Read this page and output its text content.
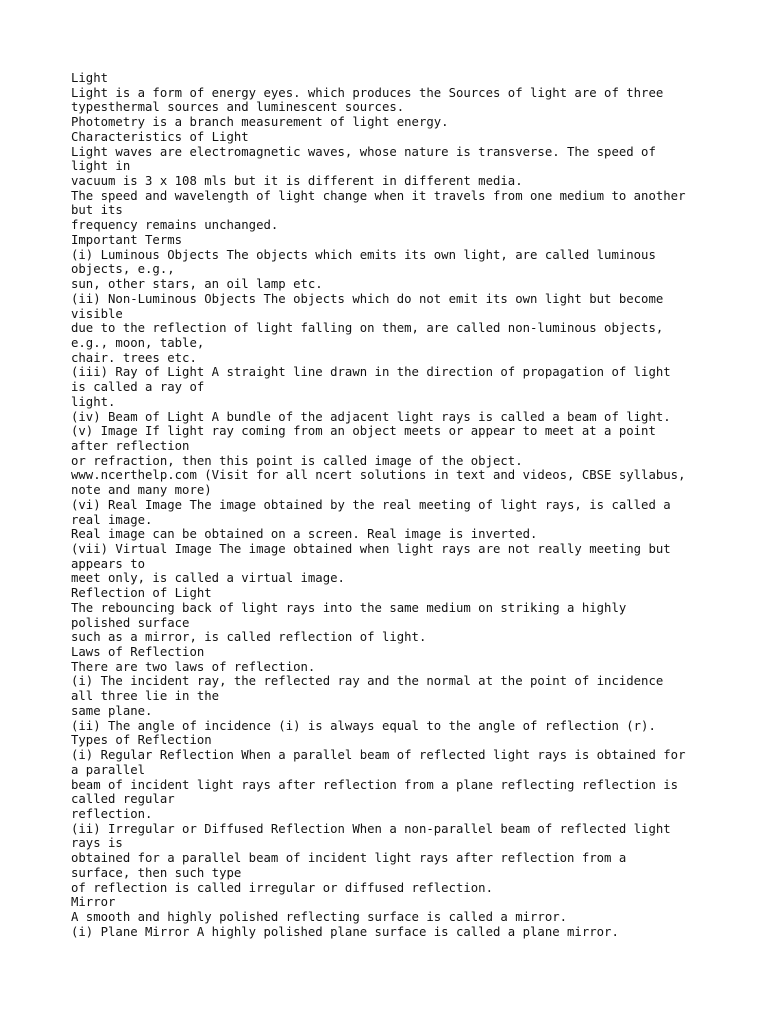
Light
Light is a form of energy eyes. which produces the Sources of light are of three
typesthermal sources and luminescent sources.
Photometry is a branch measurement of light energy.
Characteristics of Light
Light waves are electromagnetic waves, whose nature is transverse. The speed of
light in
vacuum is 3 x 108 mls but it is different in different media.
The speed and wavelength of light change when it travels from one medium to another
but its
frequency remains unchanged.
Important Terms
(i) Luminous Objects The objects which emits its own light, are called luminous
objects, e.g.,
sun, other stars, an oil lamp etc.
(ii) Non-Luminous Objects The objects which do not emit its own light but become
visible
due to the reflection of light falling on them, are called non-luminous objects,
e.g., moon, table,
chair. trees etc.
(iii) Ray of Light A straight line drawn in the direction of propagation of light
is called a ray of
light.
(iv) Beam of Light A bundle of the adjacent light rays is called a beam of light.
(v) Image If light ray coming from an object meets or appear to meet at a point
after reflection
or refraction, then this point is called image of the object.
www.ncerthelp.com (Visit for all ncert solutions in text and videos, CBSE syllabus,
note and many more)
(vi) Real Image The image obtained by the real meeting of light rays, is called a
real image.
Real image can be obtained on a screen. Real image is inverted.
(vii) Virtual Image The image obtained when light rays are not really meeting but
appears to
meet only, is called a virtual image.
Reflection of Light
The rebouncing back of light rays into the same medium on striking a highly
polished surface
such as a mirror, is called reflection of light.
Laws of Reflection
There are two laws of reflection.
(i) The incident ray, the reflected ray and the normal at the point of incidence
all three lie in the
same plane.
(ii) The angle of incidence (i) is always equal to the angle of reflection (r).
Types of Reflection
(i) Regular Reflection When a parallel beam of reflected light rays is obtained for
a parallel
beam of incident light rays after reflection from a plane reflecting reflection is
called regular
reflection.
(ii) Irregular or Diffused Reflection When a non-parallel beam of reflected light
rays is
obtained for a parallel beam of incident light rays after reflection from a
surface, then such type
of reflection is called irregular or diffused reflection.
Mirror
A smooth and highly polished reflecting surface is called a mirror.
(i) Plane Mirror A highly polished plane surface is called a plane mirror.
